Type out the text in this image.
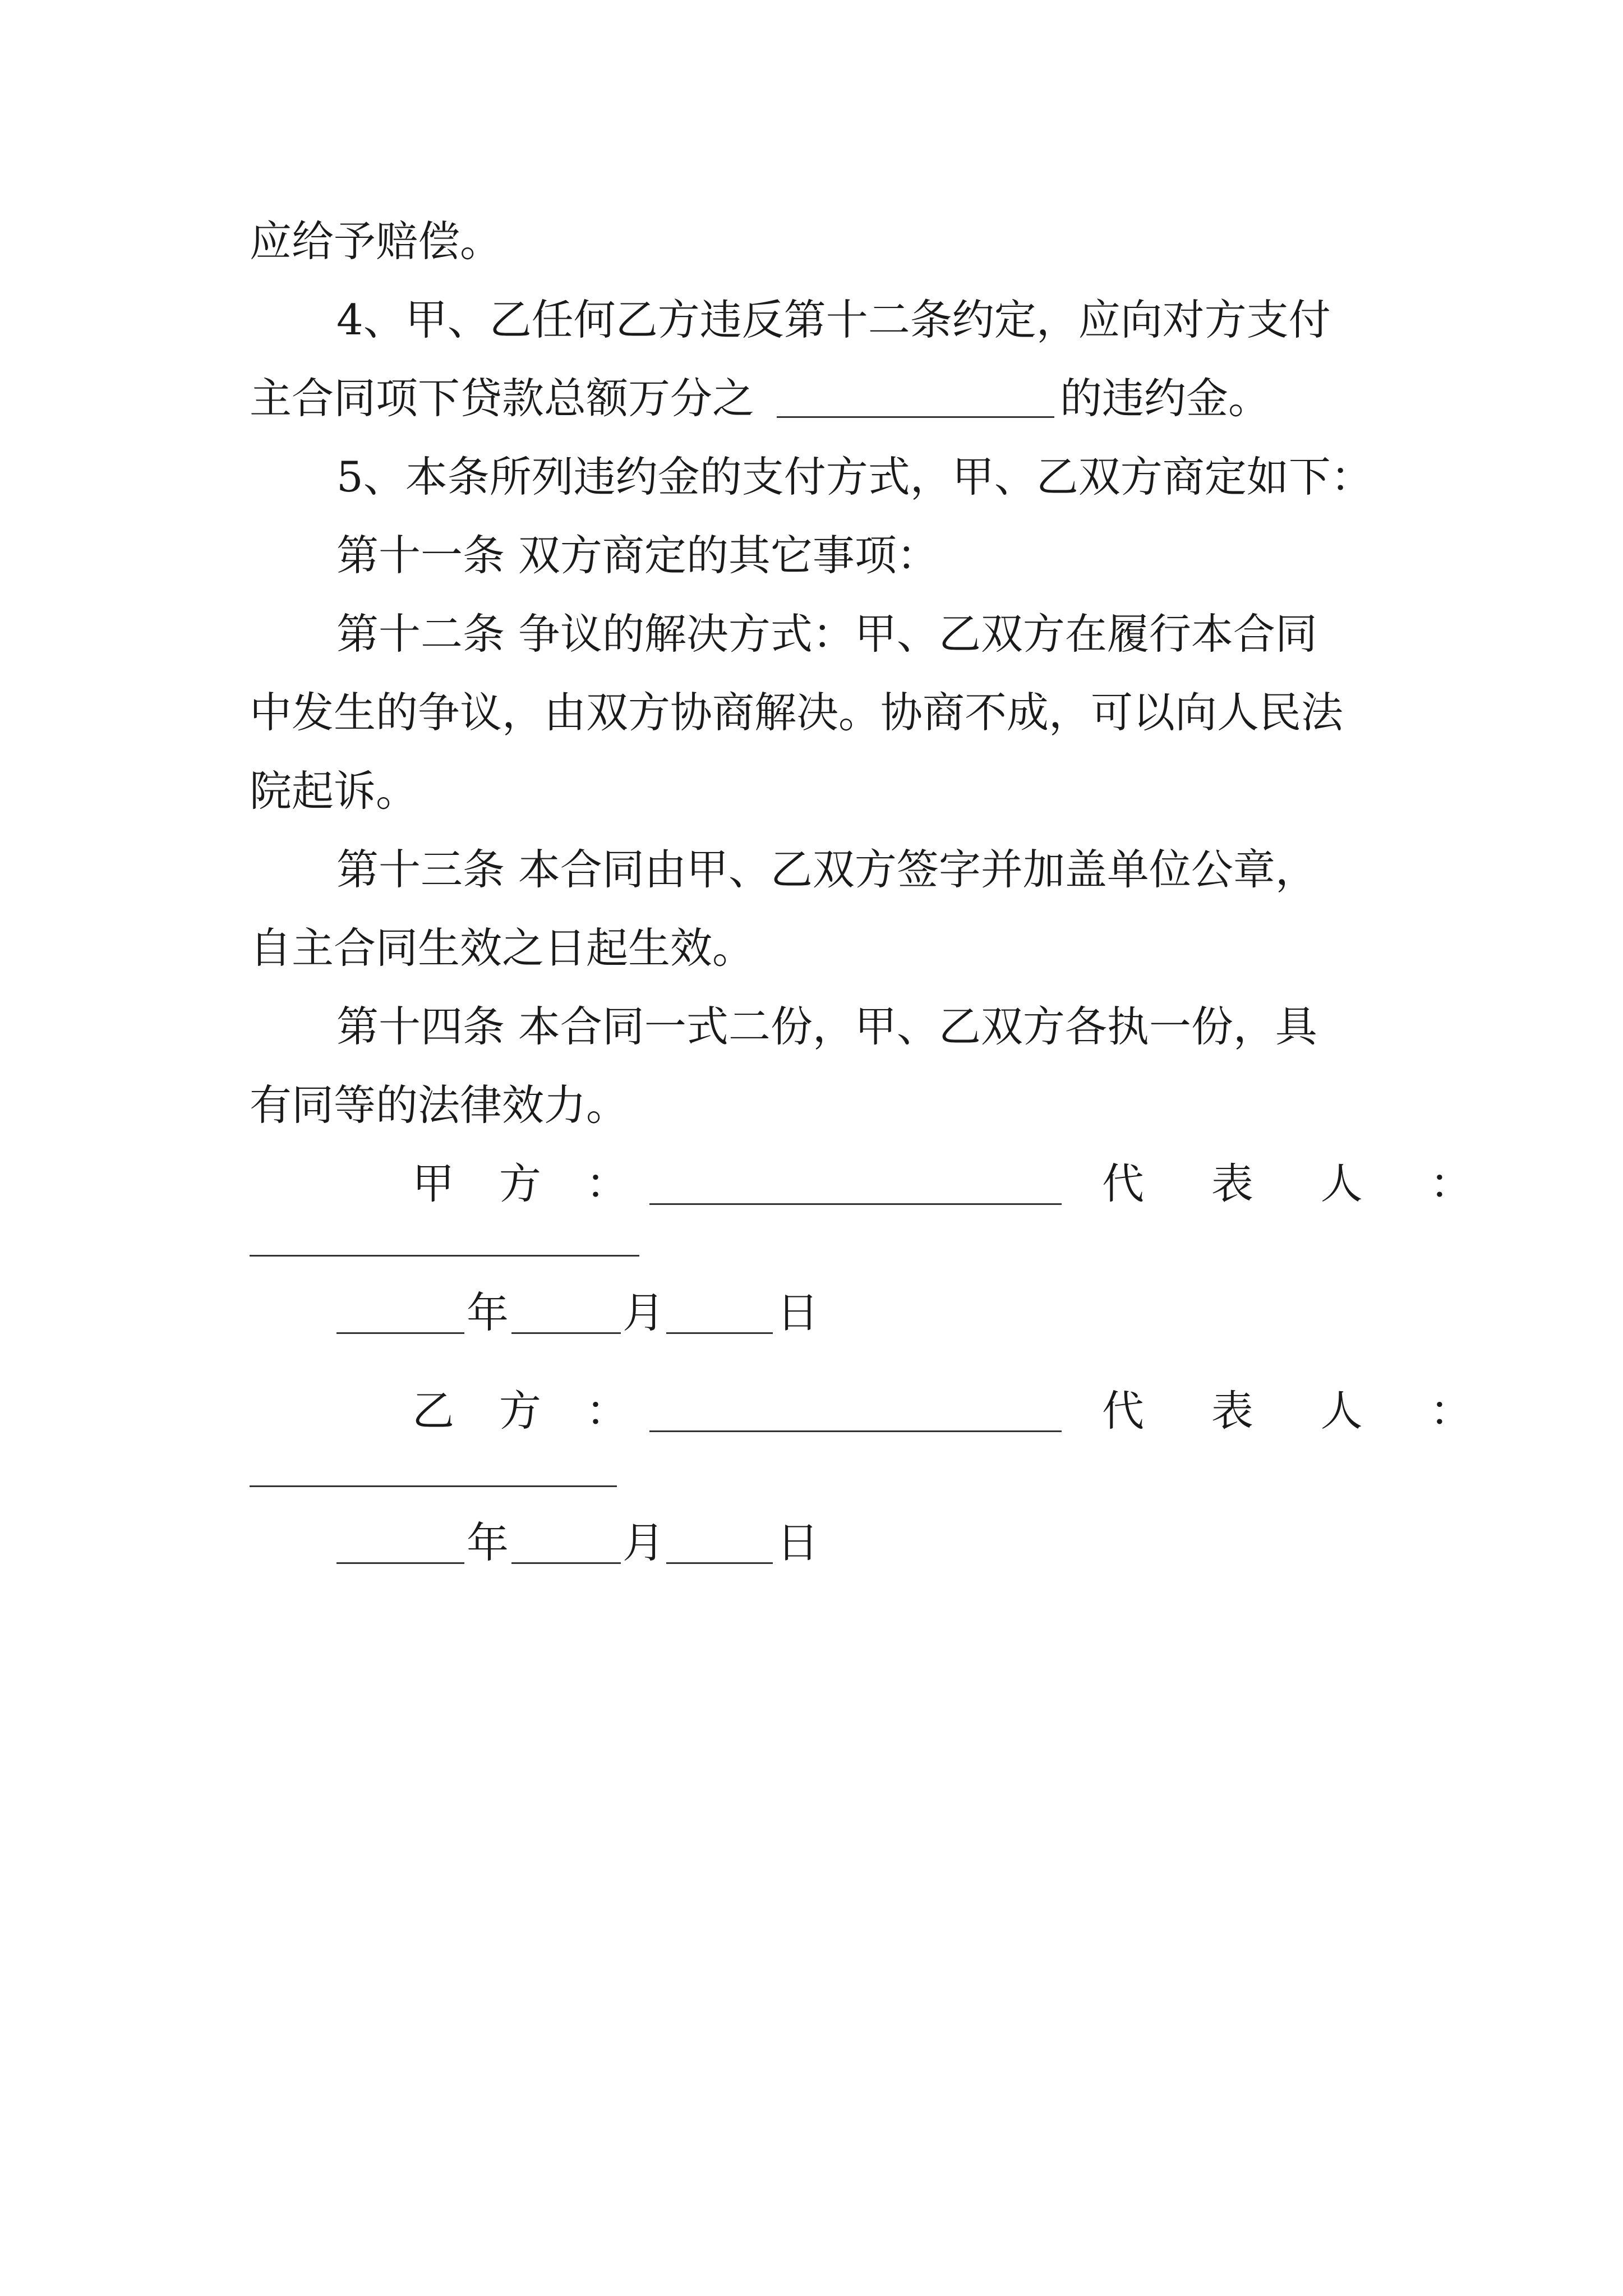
应给予赔偿。
4、甲、乙任何乙方违反第十二条约定，应向对方支付
主合同项下贷款总额万分之	的违约金。
5、本条所列违约金的支付方式，甲、乙双方商定如下：
第十一条 双方商定的其它事项：
第十二条 争议的解决方式：甲、乙双方在履行本合同
中发生的争议，由双方协商解决。协商不成，可以向人民法
院起诉。
第十三条 本合同由甲、乙双方签字并加盖单位公章，
自主合同生效之日起生效。
第十四条 本合同一式二份，甲、乙双方各执一份，具
有同等的法律效力。
甲 方 ：	代 表 人 ：
年	月	日
乙 方 ：	代 表 人 ：
年	月	日
